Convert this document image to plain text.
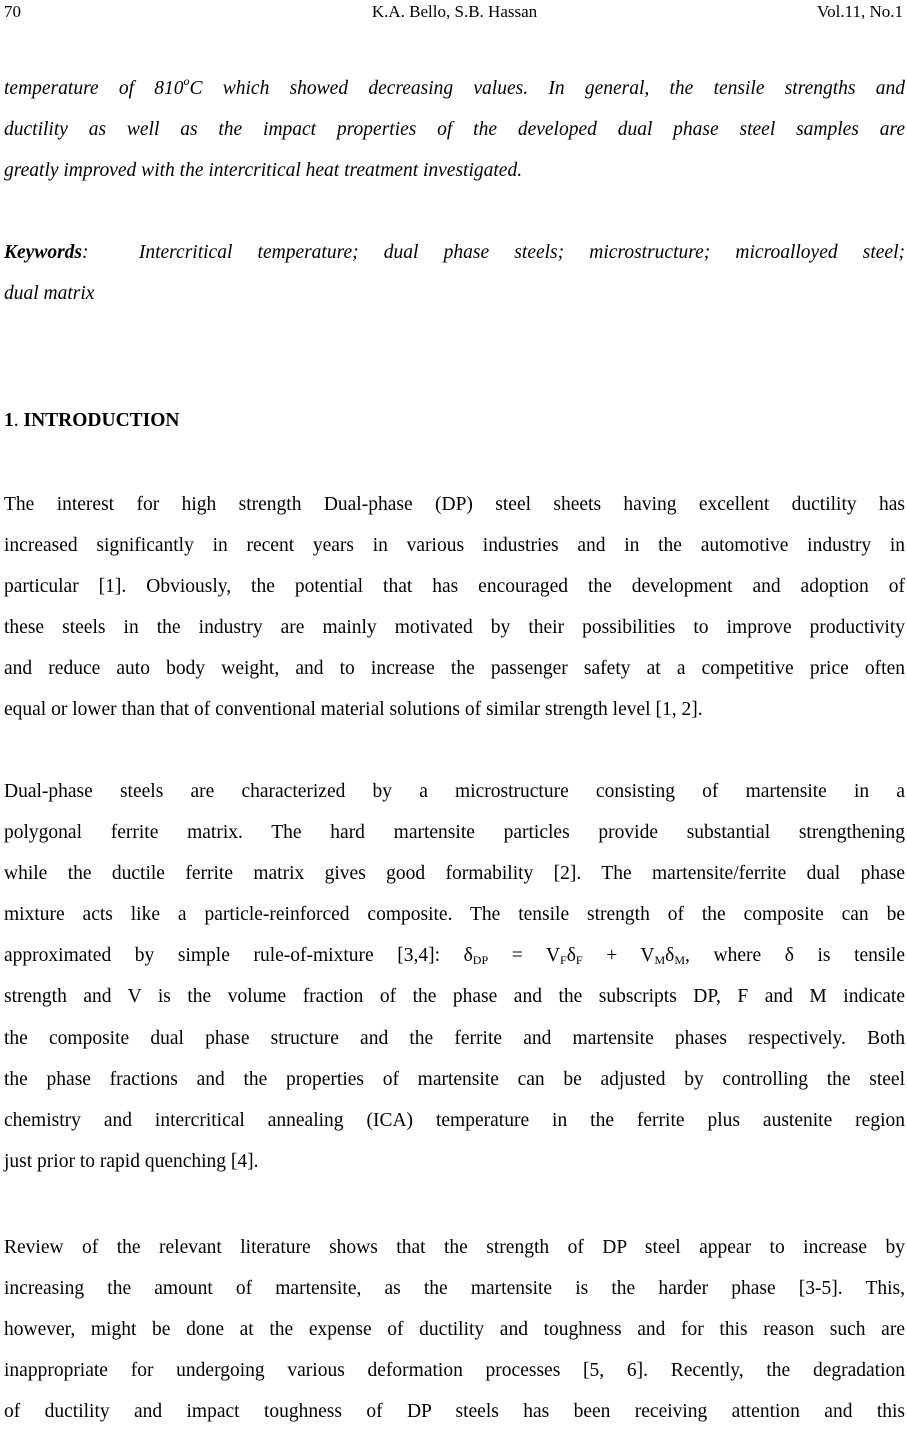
70	K.A. Bello, S.B. Hassan	Vol.11, No.1
temperature of 810$^o$C which showed decreasing values. In general, the tensile strengths and
ductility as well as the impact properties of the developed dual phase steel samples are
greatly improved with the intercritical heat treatment investigated.
Keywords:	Intercritical temperature; dual phase steels; microstructure; microalloyed steel;
dual matrix
1. INTRODUCTION
The interest for high strength Dual-phase (DP) steel sheets having excellent ductility has
increased significantly in recent years in various industries and in the automotive industry in
particular [1]. Obviously, the potential that has encouraged the development and adoption of
these steels in the industry are mainly motivated by their possibilities to improve productivity
and reduce auto body weight, and to increase the passenger safety at a competitive price often
equal or lower than that of conventional material solutions of similar strength level [1, 2].
Dual-phase steels are characterized by a microstructure consisting of martensite in a
polygonal ferrite matrix. The hard martensite particles provide substantial strengthening
while the ductile ferrite matrix gives good formability [2]. The martensite/ferrite dual phase
mixture acts like a particle-reinforced composite. The tensile strength of the composite can be
approximated by simple rule-of-mixture [3,4]: $\delta_{DP} = V_F\delta_F + V_M\delta_M$, where δ is tensile
strength and V is the volume fraction of the phase and the subscripts DP, F and M indicate
the composite dual phase structure and the ferrite and martensite phases respectively. Both
the phase fractions and the properties of martensite can be adjusted by controlling the steel
chemistry and intercritical annealing (ICA) temperature in the ferrite plus austenite region
just prior to rapid quenching [4].
Review of the relevant literature shows that the strength of DP steel appear to increase by
increasing the amount of martensite, as the martensite is the harder phase [3-5]. This,
however, might be done at the expense of ductility and toughness and for this reason such are
inappropriate for undergoing various deformation processes [5, 6]. Recently, the degradation
of ductility and impact toughness of DP steels has been receiving attention and this
